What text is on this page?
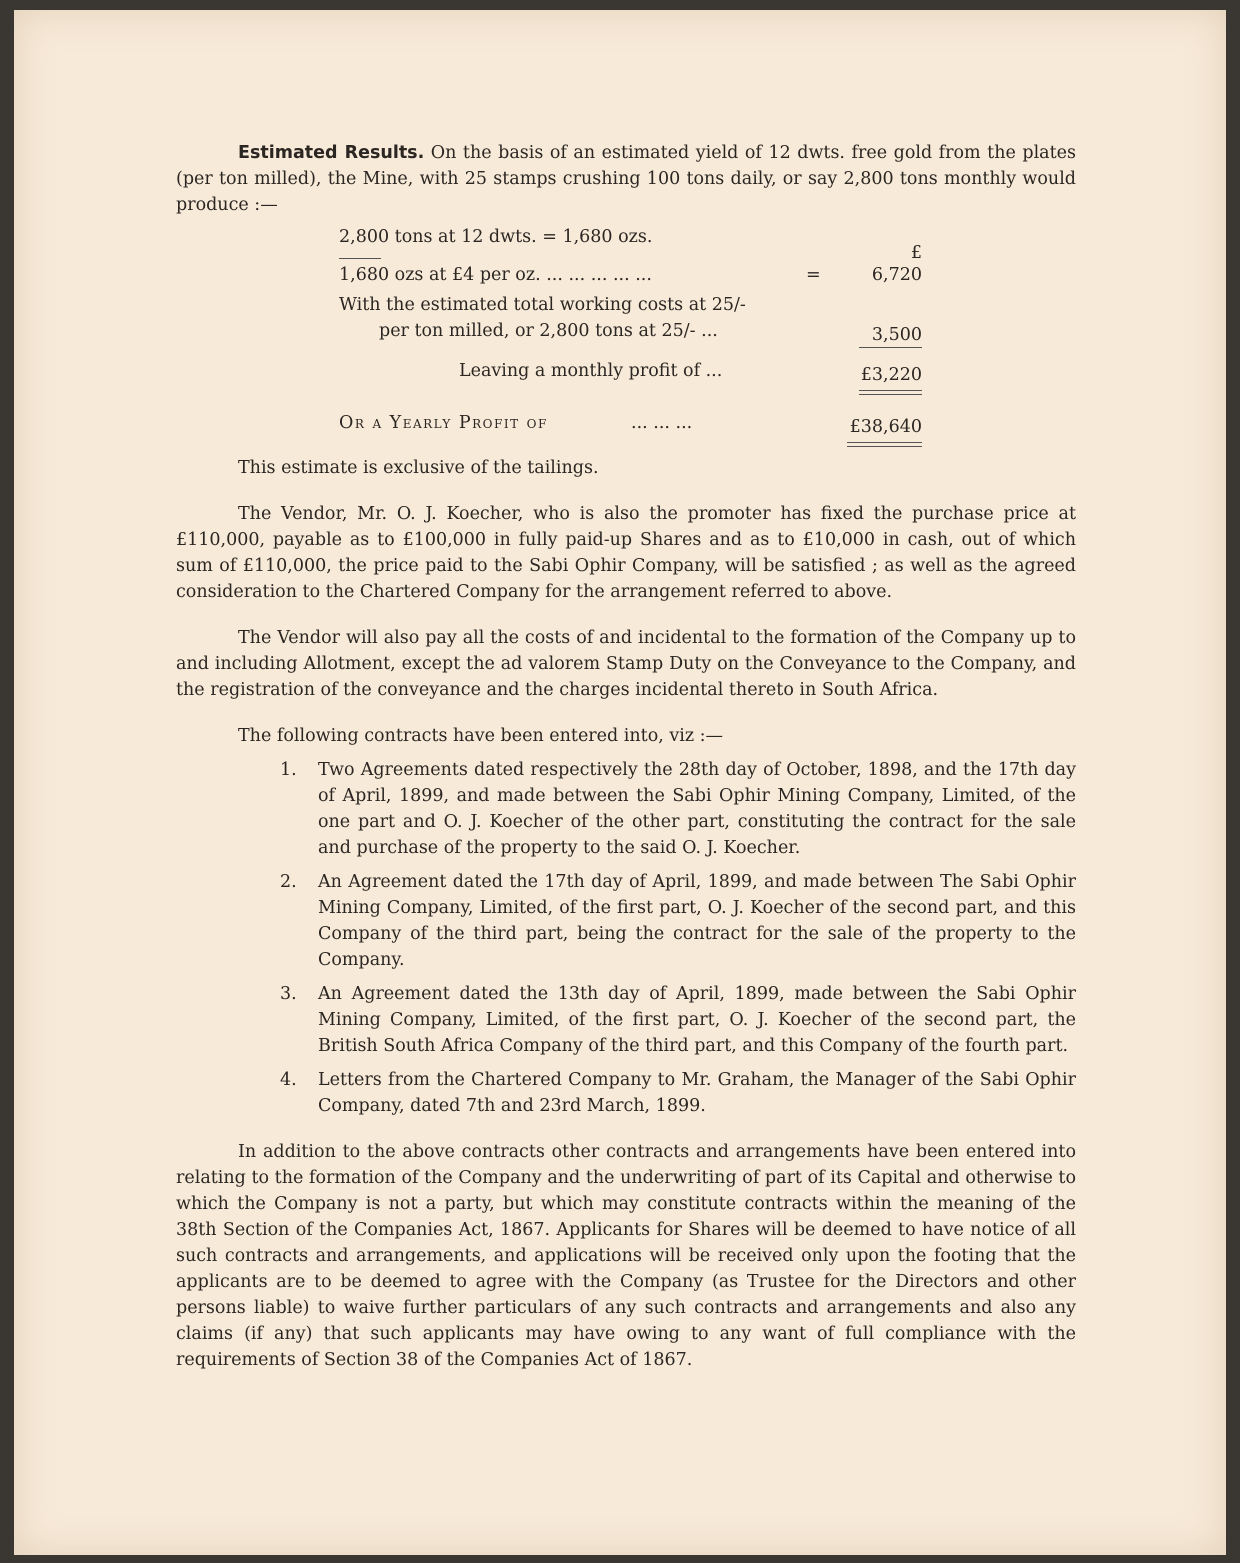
Estimated Results. On the basis of an estimated yield of 12 dwts. free gold from the plates (per ton milled), the Mine, with 25 stamps crushing 100 tons daily, or say 2,800 tons monthly would produce :—

2,800 tons at 12 dwts. = 1,680 ozs.
£
1,680 ozs at £4 per oz. ... ... ... ... ...	=	6,720
With the estimated total working costs at 25/-
per ton milled, or 2,800 tons at 25/- ...	3,500
Leaving a monthly profit of ...	£3,220
Or a Yearly Profit of	... ... ...	£38,640

This estimate is exclusive of the tailings.

The Vendor, Mr. O. J. Koecher, who is also the promoter has fixed the purchase price at £110,000, payable as to £100,000 in fully paid-up Shares and as to £10,000 in cash, out of which sum of £110,000, the price paid to the Sabi Ophir Company, will be satisfied ; as well as the agreed consideration to the Chartered Company for the arrangement referred to above.

The Vendor will also pay all the costs of and incidental to the formation of the Company up to and including Allotment, except the ad valorem Stamp Duty on the Conveyance to the Company, and the registration of the conveyance and the charges incidental thereto in South Africa.

The following contracts have been entered into, viz :—

1. Two Agreements dated respectively the 28th day of October, 1898, and the 17th day of April, 1899, and made between the Sabi Ophir Mining Company, Limited, of the one part and O. J. Koecher of the other part, constituting the contract for the sale and purchase of the property to the said O. J. Koecher.
2. An Agreement dated the 17th day of April, 1899, and made between The Sabi Ophir Mining Company, Limited, of the first part, O. J. Koecher of the second part, and this Company of the third part, being the contract for the sale of the property to the Company.
3. An Agreement dated the 13th day of April, 1899, made between the Sabi Ophir Mining Company, Limited, of the first part, O. J. Koecher of the second part, the British South Africa Company of the third part, and this Company of the fourth part.
4. Letters from the Chartered Company to Mr. Graham, the Manager of the Sabi Ophir Company, dated 7th and 23rd March, 1899.

In addition to the above contracts other contracts and arrangements have been entered into relating to the formation of the Company and the underwriting of part of its Capital and otherwise to which the Company is not a party, but which may constitute contracts within the meaning of the 38th Section of the Companies Act, 1867. Applicants for Shares will be deemed to have notice of all such contracts and arrangements, and applications will be received only upon the footing that the applicants are to be deemed to agree with the Company (as Trustee for the Directors and other persons liable) to waive further particulars of any such contracts and arrangements and also any claims (if any) that such applicants may have owing to any want of full compliance with the requirements of Section 38 of the Companies Act of 1867.
